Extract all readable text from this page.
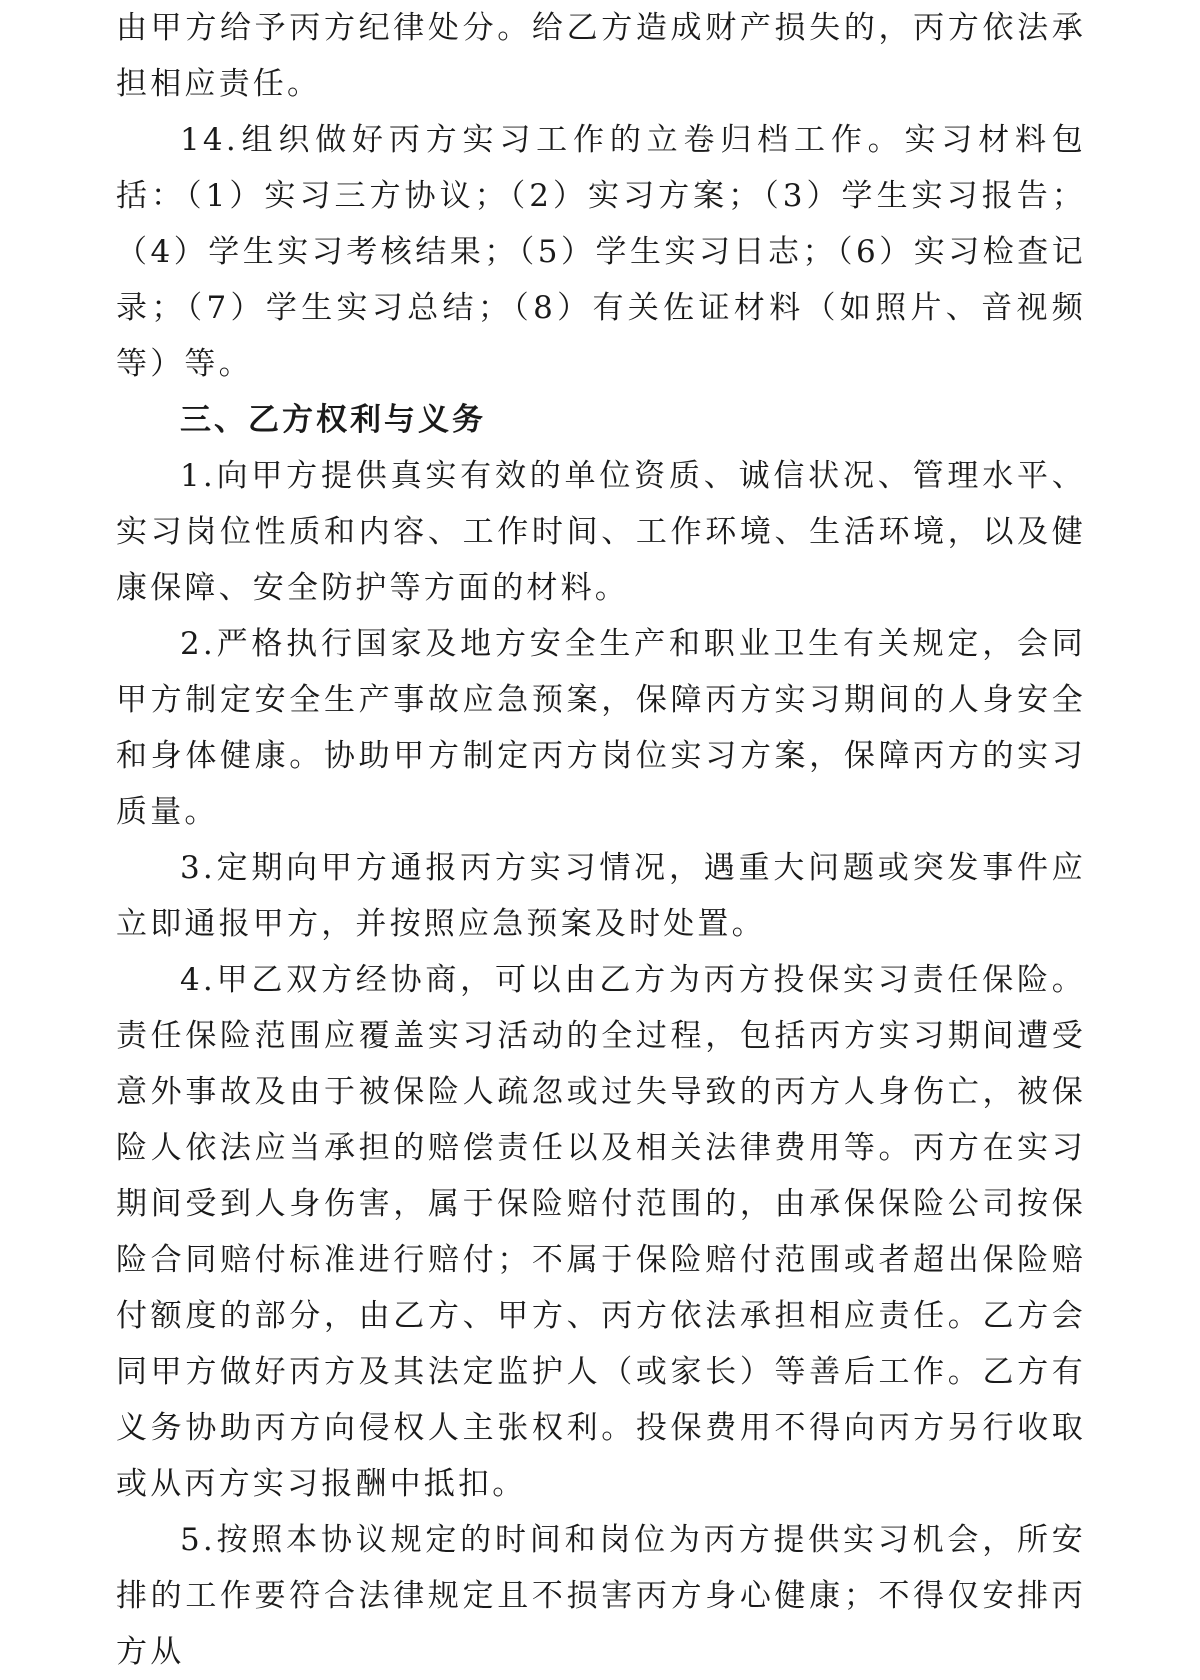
由甲方给予丙方纪律处分。给乙方造成财产损失的，丙方依法承担相应责任。

14.组织做好丙方实习工作的立卷归档工作。实习材料包括：（1）实习三方协议；（2）实习方案；（3）学生实习报告；（4）学生实习考核结果；（5）学生实习日志；（6）实习检查记录；（7）学生实习总结；（8）有关佐证材料（如照片、音视频等）等。

三、乙方权利与义务

1.向甲方提供真实有效的单位资质、诚信状况、管理水平、实习岗位性质和内容、工作时间、工作环境、生活环境，以及健康保障、安全防护等方面的材料。

2.严格执行国家及地方安全生产和职业卫生有关规定，会同甲方制定安全生产事故应急预案，保障丙方实习期间的人身安全和身体健康。协助甲方制定丙方岗位实习方案，保障丙方的实习质量。

3.定期向甲方通报丙方实习情况，遇重大问题或突发事件应立即通报甲方，并按照应急预案及时处置。

4.甲乙双方经协商，可以由乙方为丙方投保实习责任保险。责任保险范围应覆盖实习活动的全过程，包括丙方实习期间遭受意外事故及由于被保险人疏忽或过失导致的丙方人身伤亡，被保险人依法应当承担的赔偿责任以及相关法律费用等。丙方在实习期间受到人身伤害，属于保险赔付范围的，由承保保险公司按保险合同赔付标准进行赔付；不属于保险赔付范围或者超出保险赔付额度的部分，由乙方、甲方、丙方依法承担相应责任。乙方会同甲方做好丙方及其法定监护人（或家长）等善后工作。乙方有义务协助丙方向侵权人主张权利。投保费用不得向丙方另行收取或从丙方实习报酬中抵扣。

5.按照本协议规定的时间和岗位为丙方提供实习机会，所安排的工作要符合法律规定且不损害丙方身心健康；不得仅安排丙方从
